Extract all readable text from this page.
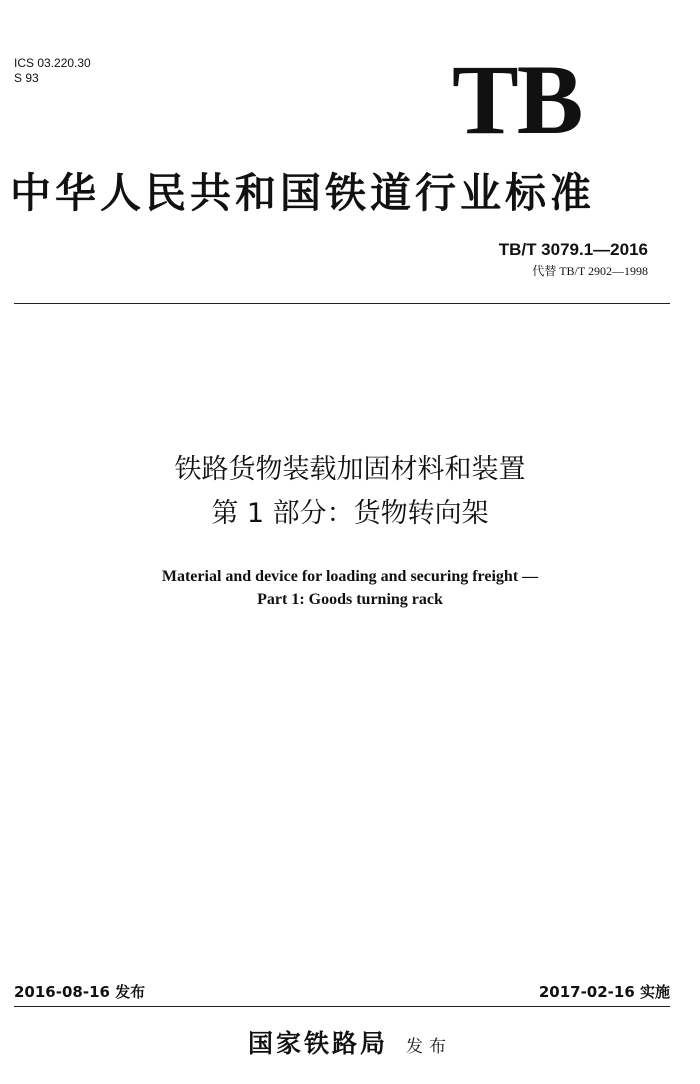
ICS 03.220.30
S 93	TB
中华人民共和国铁道行业标准
TB/T 3079.1—2016
代替 TB/T 2902—1998
铁路货物装载加固材料和装置
第 1 部分：货物转向架
Material and device for loading and securing freight —
Part 1: Goods turning rack
2016-08-16 发布	2017-02-16 实施
国家铁路局 发布
